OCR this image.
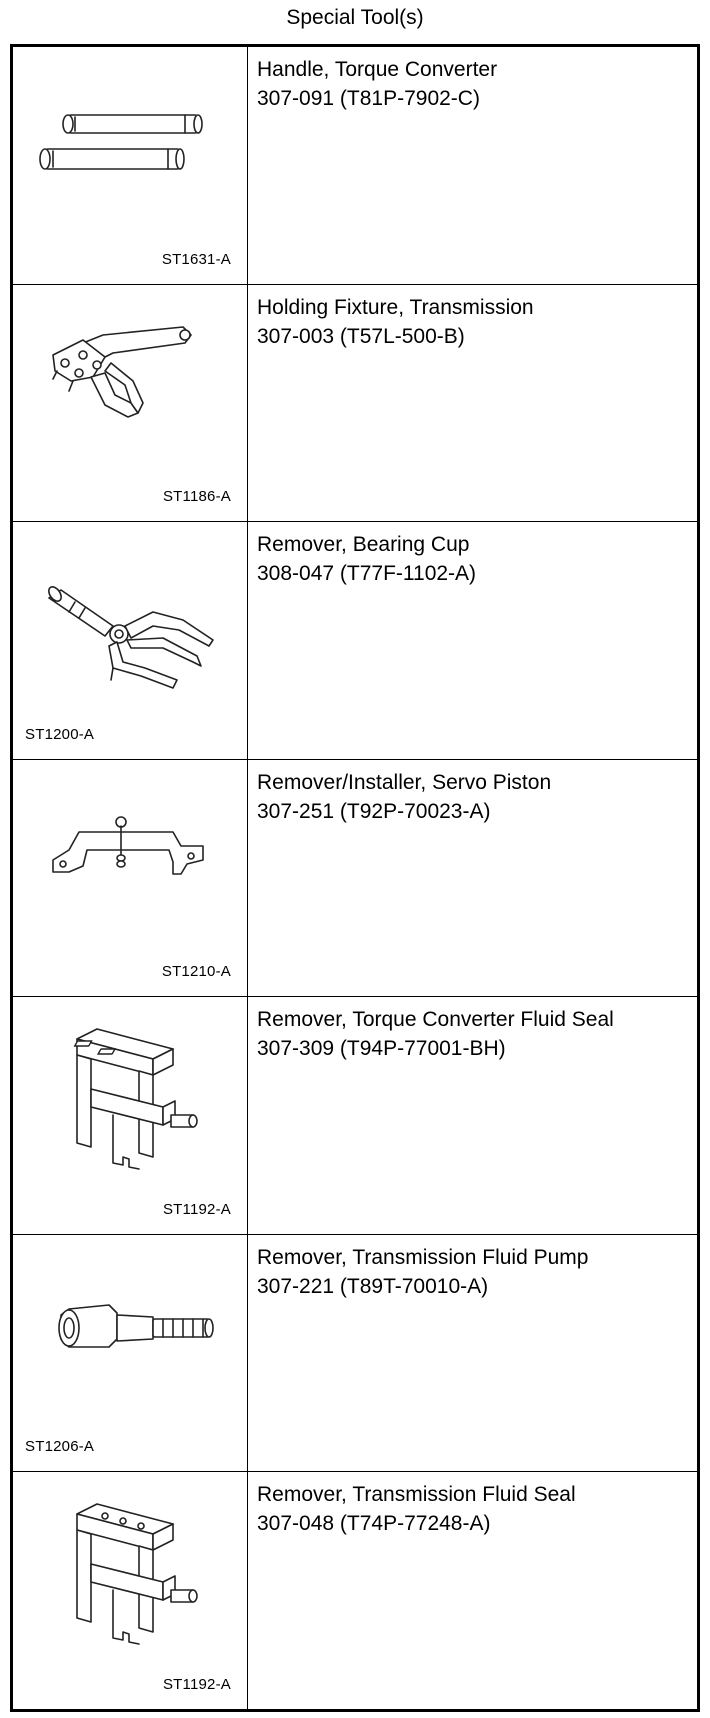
Special Tool(s)
ST1631-A
Handle, Torque Converter
307-091 (T81P-7902-C)
ST1186-A
Holding Fixture, Transmission
307-003 (T57L-500-B)
ST1200-A
Remover, Bearing Cup
308-047 (T77F-1102-A)
ST1210-A
Remover/Installer, Servo Piston
307-251 (T92P-70023-A)
ST1192-A
Remover, Torque Converter Fluid Seal
307-309 (T94P-77001-BH)
ST1206-A
Remover, Transmission Fluid Pump
307-221 (T89T-70010-A)
ST1192-A
Remover, Transmission Fluid Seal
307-048 (T74P-77248-A)
